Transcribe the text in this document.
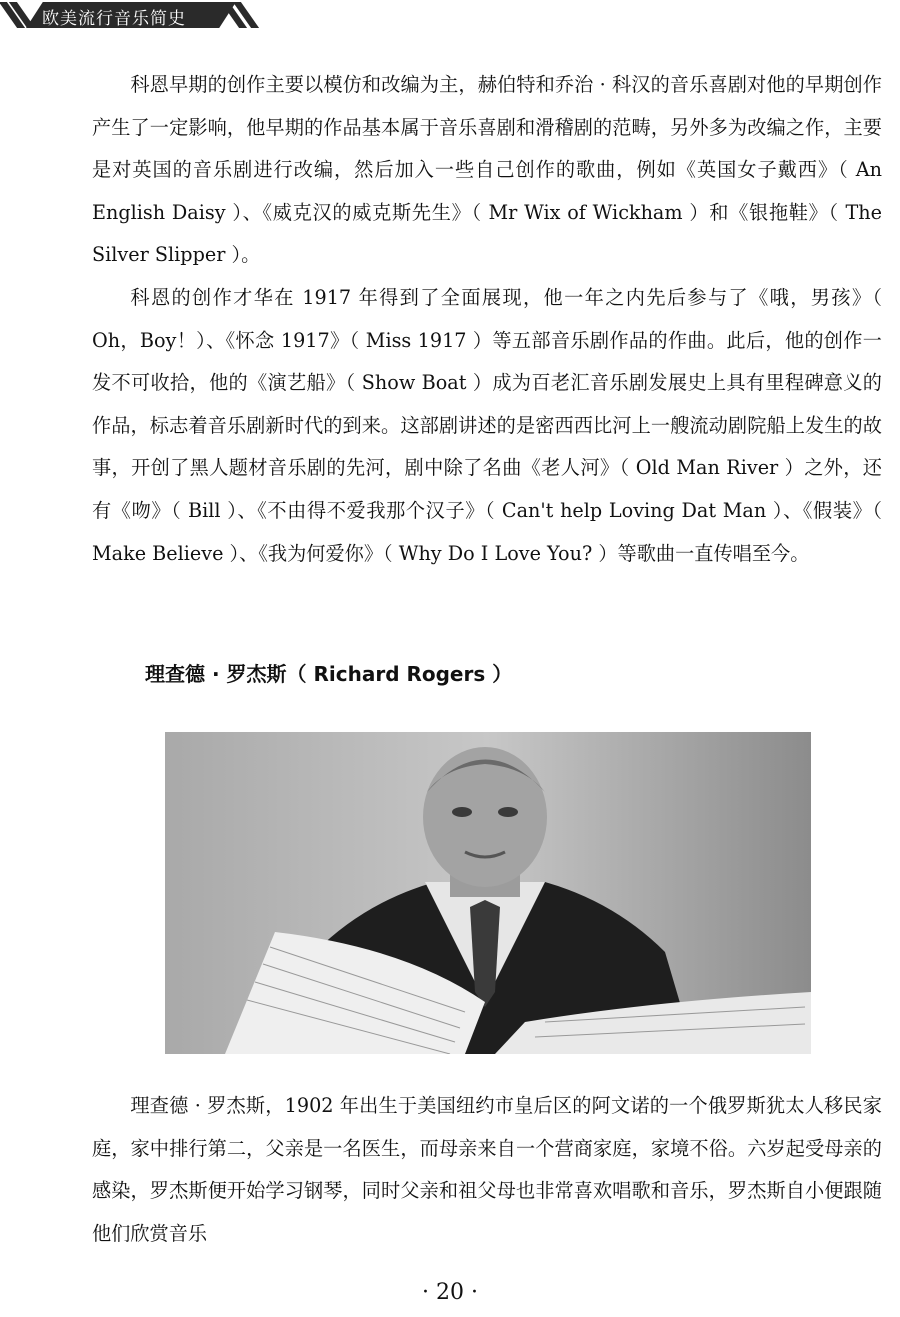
欧美流行音乐简史

科恩早期的创作主要以模仿和改编为主，赫伯特和乔治 · 科汉的音乐喜剧对他的早期创作产生了一定影响，他早期的作品基本属于音乐喜剧和滑稽剧的范畴，另外多为改编之作，主要是对英国的音乐剧进行改编，然后加入一些自己创作的歌曲，例如《英国女子戴西》（ An English Daisy ）、《威克汉的威克斯先生》（ Mr Wix of Wickham ）和《银拖鞋》（ The Silver Slipper ）。

科恩的创作才华在 1917 年得到了全面展现，他一年之内先后参与了《哦，男孩》（ Oh，Boy！）、《怀念 1917》（ Miss 1917 ）等五部音乐剧作品的作曲。此后，他的创作一发不可收拾，他的《演艺船》（ Show Boat ）成为百老汇音乐剧发展史上具有里程碑意义的作品，标志着音乐剧新时代的到来。这部剧讲述的是密西西比河上一艘流动剧院船上发生的故事，开创了黑人题材音乐剧的先河，剧中除了名曲《老人河》（ Old Man River ）之外，还有《吻》（ Bill ）、《不由得不爱我那个汉子》（ Can't help Loving Dat Man ）、《假装》（ Make Believe ）、《我为何爱你》（ Why Do I Love You? ）等歌曲一直传唱至今。

理查德 · 罗杰斯（ Richard Rogers ）

理查德 · 罗杰斯，1902 年出生于美国纽约市皇后区的阿文诺的一个俄罗斯犹太人移民家庭，家中排行第二，父亲是一名医生，而母亲来自一个营商家庭，家境不俗。六岁起受母亲的感染，罗杰斯便开始学习钢琴，同时父亲和祖父母也非常喜欢唱歌和音乐，罗杰斯自小便跟随他们欣赏音乐

· 20 ·
